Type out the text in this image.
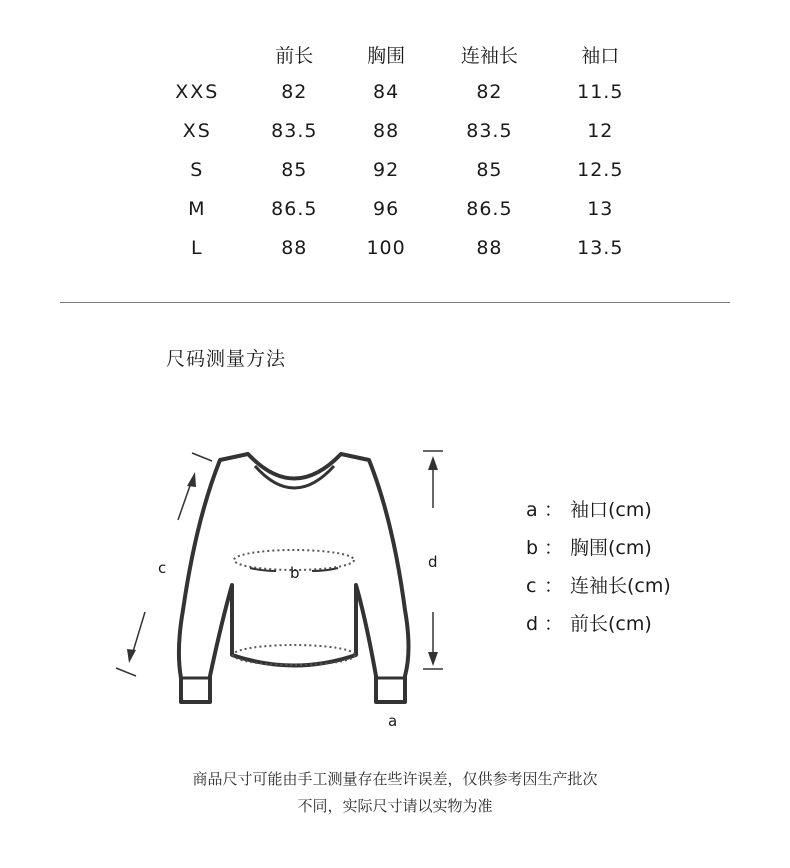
	前长	胸围	连袖长	袖口
XXS	82	84	82	11.5
XS	83.5	88	83.5	12
S	85	92	85	12.5
M	86.5	96	86.5	13
L	88	100	88	13.5
尺码测量方法
c	d
b
a
a ： 袖口(cm)
b ： 胸围(cm)
c ： 连袖长(cm)
d ： 前长(cm)
商品尺寸可能由手工测量存在些许误差，仅供参考因生产批次
不同，实际尺寸请以实物为准
